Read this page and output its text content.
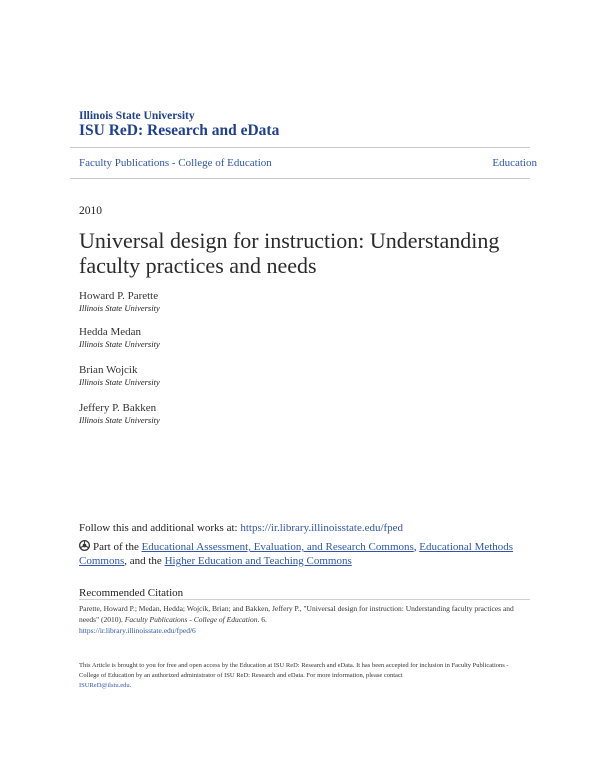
Illinois State University
ISU ReD: Research and eData
Faculty Publications - College of Education	Education
2010
Universal design for instruction: Understanding faculty practices and needs
Howard P. Parette
Illinois State University
Hedda Medan
Illinois State University
Brian Wojcik
Illinois State University
Jeffery P. Bakken
Illinois State University
Follow this and additional works at: https://ir.library.illinoisstate.edu/fped
Part of the Educational Assessment, Evaluation, and Research Commons, Educational Methods Commons, and the Higher Education and Teaching Commons
Recommended Citation
Parette, Howard P.; Medan, Hedda; Wojcik, Brian; and Bakken, Jeffery P., "Universal design for instruction: Understanding faculty practices and needs" (2010). Faculty Publications - College of Education. 6.
https://ir.library.illinoisstate.edu/fped/6
This Article is brought to you for free and open access by the Education at ISU ReD: Research and eData. It has been accepted for inclusion in Faculty Publications - College of Education by an authorized administrator of ISU ReD: Research and eData. For more information, please contact
ISUReD@ilstu.edu.
